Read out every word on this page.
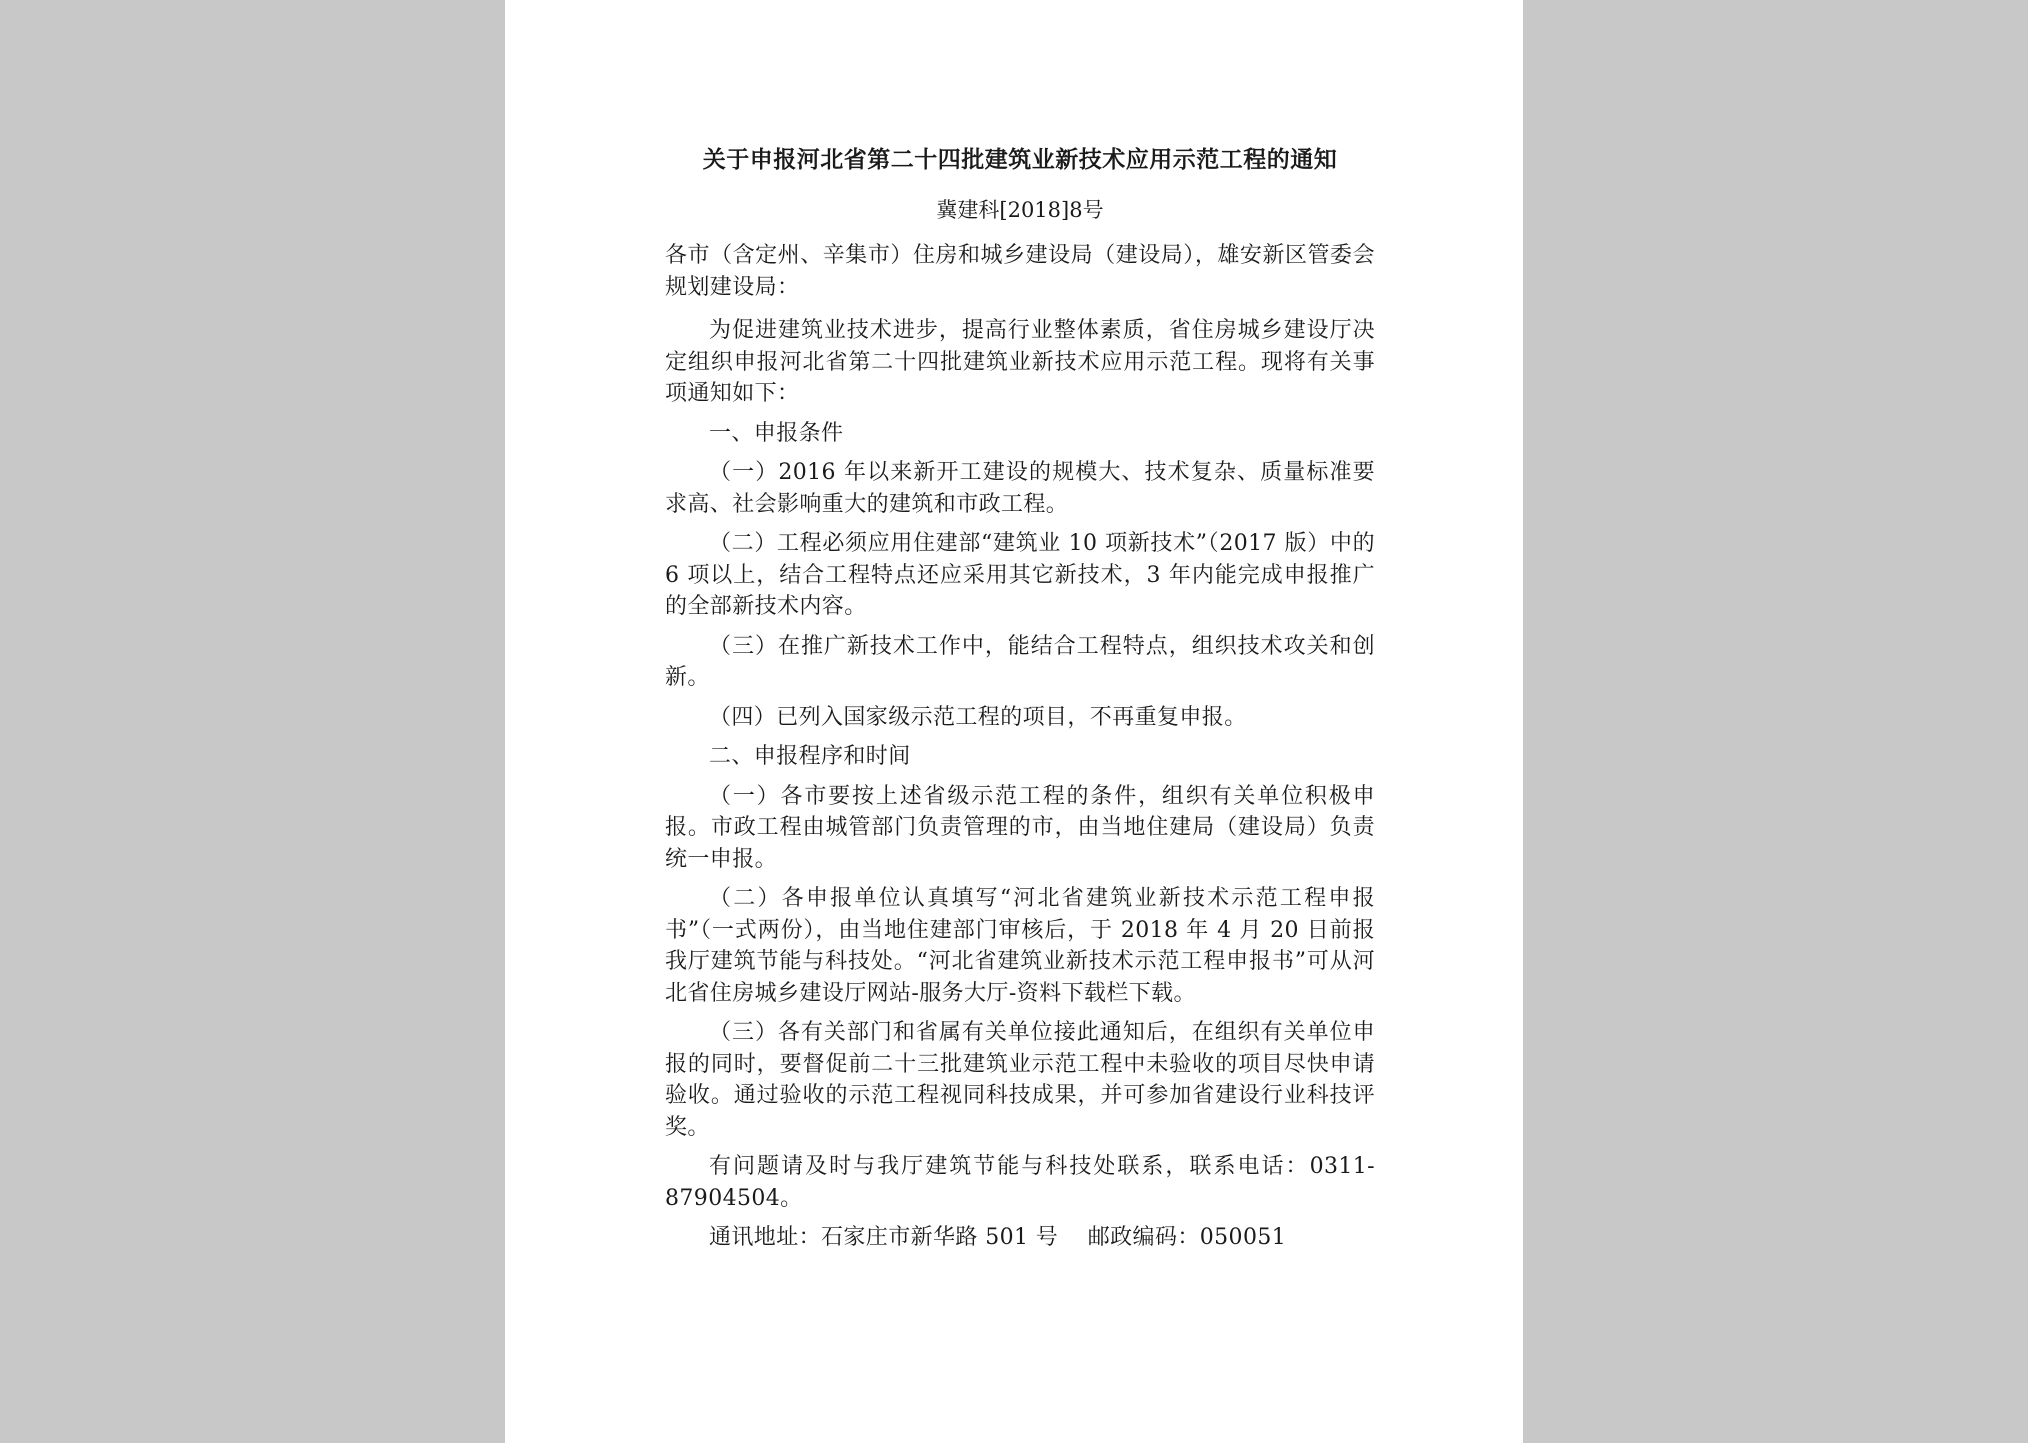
关于申报河北省第二十四批建筑业新技术应用示范工程的通知
冀建科[2018]8号

各市（含定州、辛集市）住房和城乡建设局（建设局），雄安新区管委会规划建设局：

为促进建筑业技术进步，提高行业整体素质，省住房城乡建设厅决定组织申报河北省第二十四批建筑业新技术应用示范工程。现将有关事项通知如下：

一、申报条件

（一）2016 年以来新开工建设的规模大、技术复杂、质量标准要求高、社会影响重大的建筑和市政工程。

（二）工程必须应用住建部“建筑业 10 项新技术”（2017 版）中的 6 项以上，结合工程特点还应采用其它新技术，3 年内能完成申报推广的全部新技术内容。

（三）在推广新技术工作中，能结合工程特点，组织技术攻关和创新。

（四）已列入国家级示范工程的项目，不再重复申报。

二、申报程序和时间

（一）各市要按上述省级示范工程的条件，组织有关单位积极申报。市政工程由城管部门负责管理的市，由当地住建局（建设局）负责统一申报。

（二）各申报单位认真填写“河北省建筑业新技术示范工程申报书”（一式两份），由当地住建部门审核后，于 2018 年 4 月 20 日前报我厅建筑节能与科技处。“河北省建筑业新技术示范工程申报书”可从河北省住房城乡建设厅网站-服务大厅-资料下载栏下载。

（三）各有关部门和省属有关单位接此通知后，在组织有关单位申报的同时，要督促前二十三批建筑业示范工程中未验收的项目尽快申请验收。通过验收的示范工程视同科技成果，并可参加省建设行业科技评奖。

有问题请及时与我厅建筑节能与科技处联系，联系电话：0311-87904504。

通讯地址：石家庄市新华路 501 号    邮政编码：050051
